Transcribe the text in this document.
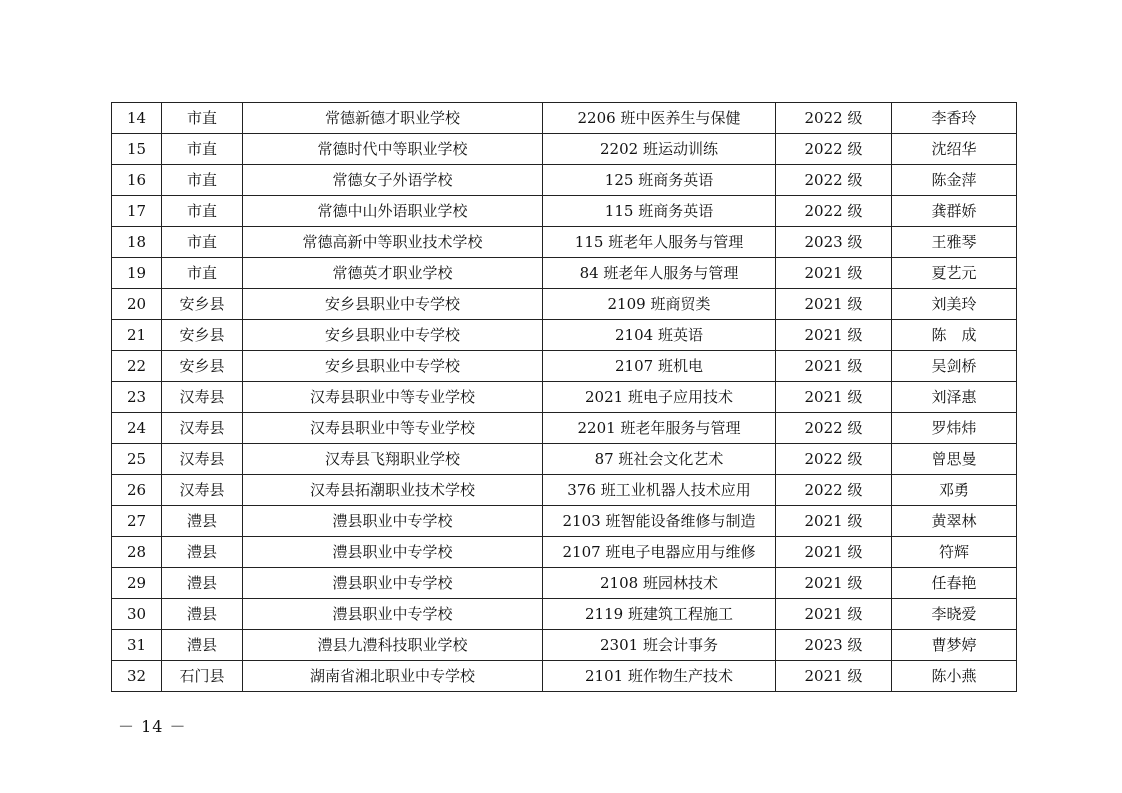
14	市直	常德新德才职业学校	2206 班中医养生与保健	2022 级	李香玲
15	市直	常德时代中等职业学校	2202 班运动训练	2022 级	沈绍华
16	市直	常德女子外语学校	125 班商务英语	2022 级	陈金萍
17	市直	常德中山外语职业学校	115 班商务英语	2022 级	龚群娇
18	市直	常德高新中等职业技术学校	115 班老年人服务与管理	2023 级	王雅琴
19	市直	常德英才职业学校	84 班老年人服务与管理	2021 级	夏艺元
20	安乡县	安乡县职业中专学校	2109 班商贸类	2021 级	刘美玲
21	安乡县	安乡县职业中专学校	2104 班英语	2021 级	陈　成
22	安乡县	安乡县职业中专学校	2107 班机电	2021 级	吴剑桥
23	汉寿县	汉寿县职业中等专业学校	2021 班电子应用技术	2021 级	刘泽惠
24	汉寿县	汉寿县职业中等专业学校	2201 班老年服务与管理	2022 级	罗炜炜
25	汉寿县	汉寿县飞翔职业学校	87 班社会文化艺术	2022 级	曾思曼
26	汉寿县	汉寿县拓潮职业技术学校	376 班工业机器人技术应用	2022 级	邓勇
27	澧县	澧县职业中专学校	2103 班智能设备维修与制造	2021 级	黄翠林
28	澧县	澧县职业中专学校	2107 班电子电器应用与维修	2021 级	符辉
29	澧县	澧县职业中专学校	2108 班园林技术	2021 级	任春艳
30	澧县	澧县职业中专学校	2119 班建筑工程施工	2021 级	李晓爱
31	澧县	澧县九澧科技职业学校	2301 班会计事务	2023 级	曹梦婷
32	石门县	湖南省湘北职业中专学校	2101 班作物生产技术	2021 级	陈小燕
－ 14 －
